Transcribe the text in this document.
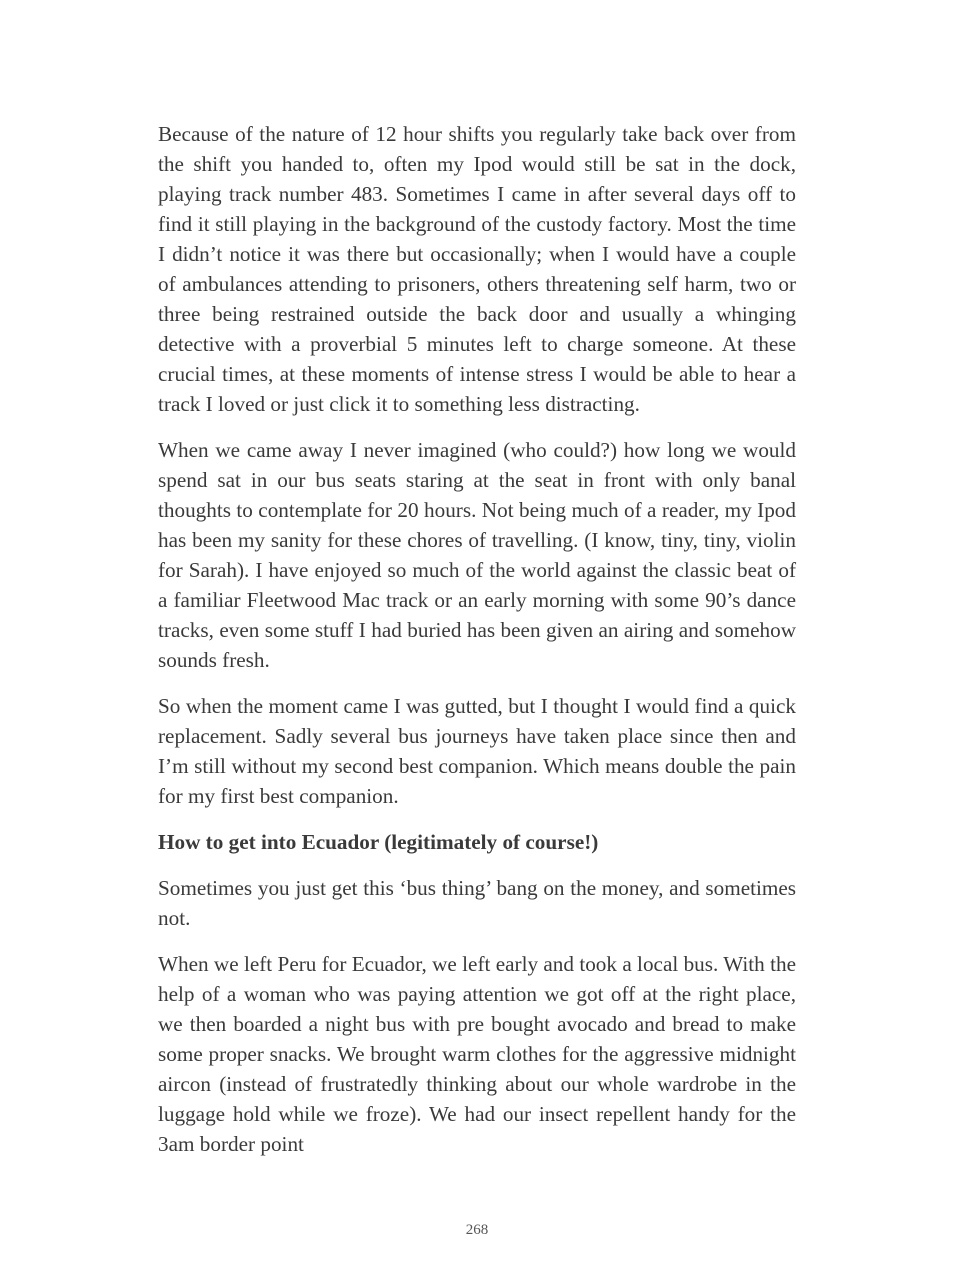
Because of the nature of 12 hour shifts you regularly take back over from the shift you handed to, often my Ipod would still be sat in the dock, playing track number 483. Sometimes I came in after several days off to find it still playing in the background of the custody factory. Most the time I didn’t notice it was there but occasionally; when I would have a couple of ambulances attending to prisoners, others threatening self harm, two or three being restrained outside the back door and usually a whinging detective with a proverbial 5 minutes left to charge someone. At these crucial times, at these moments of intense stress I would be able to hear a track I loved or just click it to something less distracting.

When we came away I never imagined (who could?) how long we would spend sat in our bus seats staring at the seat in front with only banal thoughts to contemplate for 20 hours. Not being much of a reader, my Ipod has been my sanity for these chores of travelling. (I know, tiny, tiny, violin for Sarah). I have enjoyed so much of the world against the classic beat of a familiar Fleetwood Mac track or an early morning with some 90’s dance tracks, even some stuff I had buried has been given an airing and somehow sounds fresh.

So when the moment came I was gutted, but I thought I would find a quick replacement. Sadly several bus journeys have taken place since then and I’m still without my second best companion. Which means double the pain for my first best companion.

How to get into Ecuador (legitimately of course!)

Sometimes you just get this ‘bus thing’ bang on the money, and sometimes not.

When we left Peru for Ecuador, we left early and took a local bus. With the help of a woman who was paying attention we got off at the right place, we then boarded a night bus with pre bought avocado and bread to make some proper snacks. We brought warm clothes for the aggressive midnight aircon (instead of frustratedly thinking about our whole wardrobe in the luggage hold while we froze). We had our insect repellent handy for the 3am border point

268
